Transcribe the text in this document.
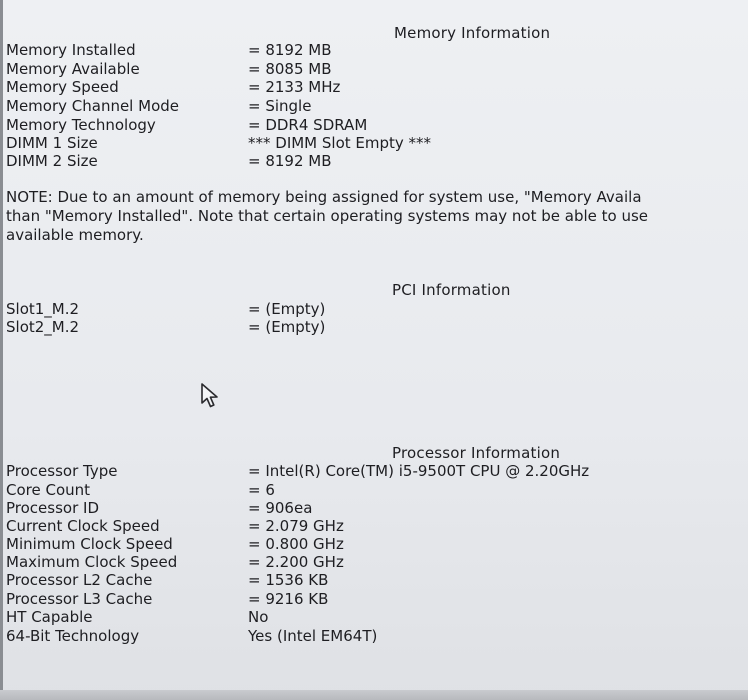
Memory Information
Memory Installed	= 8192 MB
Memory Available	= 8085 MB
Memory Speed	= 2133 MHz
Memory Channel Mode	= Single
Memory Technology	= DDR4 SDRAM
DIMM 1 Size	*** DIMM Slot Empty ***
DIMM 2 Size	= 8192 MB
NOTE: Due to an amount of memory being assigned for system use, "Memory Availa
than "Memory Installed". Note that certain operating systems may not be able to use
available memory.
PCI Information
Slot1_M.2	= (Empty)
Slot2_M.2	= (Empty)
Processor Information
Processor Type	= Intel(R) Core(TM) i5-9500T CPU @ 2.20GHz
Core Count	= 6
Processor ID	= 906ea
Current Clock Speed	= 2.079 GHz
Minimum Clock Speed	= 0.800 GHz
Maximum Clock Speed	= 2.200 GHz
Processor L2 Cache	= 1536 KB
Processor L3 Cache	= 9216 KB
HT Capable	No
64-Bit Technology	Yes (Intel EM64T)
